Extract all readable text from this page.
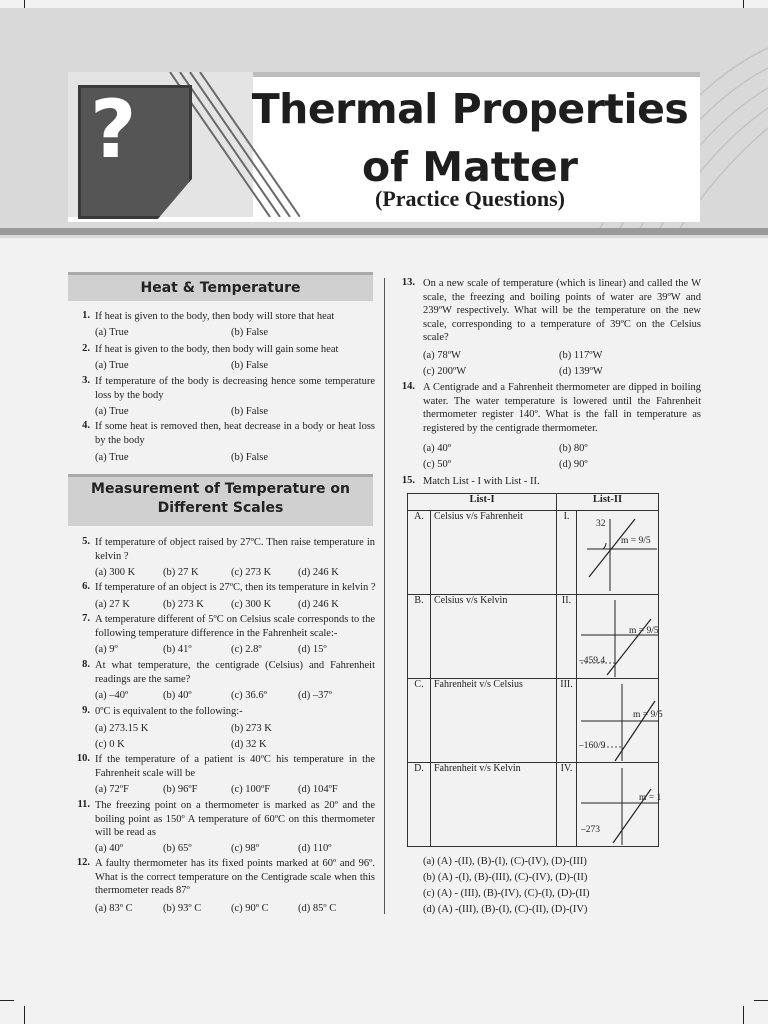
?	Thermal Properties
of Matter
(Practice Questions)
Heat & Temperature
Measurement of Temperature on
Different Scales
1. If heat is given to the body, then body will store that heat
(a) True	(b) False
2. If heat is given to the body, then body will gain some heat
(a) True	(b) False
3. If temperature of the body is decreasing hence some temperature loss by the body
(a) True	(b) False
4. If some heat is removed then, heat decrease in a body or heat loss by the body
(a) True	(b) False
5. If temperature of object raised by 27ºC. Then raise temperature in kelvin ?
(a) 300 K	(b) 27 K	(c) 273 K	(d) 246 K
6. If temperature of an object is 27ºC, then its temperature in kelvin ?
(a) 27 K	(b) 273 K	(c) 300 K	(d) 246 K
7. A temperature different of 5ºC on Celsius scale corresponds to the following temperature difference in the Fahrenheit scale:-
(a) 9º	(b) 41º	(c) 2.8º	(d) 15º
8. At what temperature, the centigrade (Celsius) and Fahrenheit readings are the same?
(a) –40º	(b) 40º	(c) 36.6º	(d) –37º
9. 0ºC is equivalent to the following:-
(a) 273.15 K	(b) 273 K
(c) 0 K	(d) 32 K
10. If the temperature of a patient is 40ºC his temperature in the Fahrenheit scale will be
(a) 72ºF	(b) 96ºF	(c) 100ºF	(d) 104ºF
11. The freezing point on a thermometer is marked as 20º and the boiling point as 150º A temperature of 60ºC on this thermometer will be read as
(a) 40º	(b) 65º	(c) 98º	(d) 110º
12. A faulty thermometer has its fixed points marked at 60º and 96º. What is the correct temperature on the Centigrade scale when this thermometer reads 87º
(a) 83º C	(b) 93º C	(c) 90º C	(d) 85º C
13. On a new scale of temperature (which is linear) and called the W scale, the freezing and boiling points of water are 39ºW and 239ºW respectively. What will be the temperature on the new scale, corresponding to a temperature of 39ºC on the Celsius scale?
(a) 78ºW	(b) 117ºW
(c) 200ºW	(d) 139ºW
14. A Centigrade and a Fahrenheit thermometer are dipped in boiling water. The water temperature is lowered until the Fahrenheit thermometer register 140º. What is the fall in temperature as registered by the centigrade thermometer.
(a) 40º	(b) 80º
(c) 50º	(d) 90º
15. Match List - I with List - II.
List-I		List-II	
A.	Celsius v/s Fahrenheit	I.	32
m = 9/5

B.	Celsius v/s Kelvin	II.	–459.4
m = 9/5

C.	Fahrenheit v/s Celsius	III.	–160/9
m = 9/5

D.	Fahrenheit v/s Kelvin	IV.	–273
m = 1
(a) (A) -(II), (B)-(I), (C)-(IV), (D)-(III)
(b) (A) -(I), (B)-(III), (C)-(IV), (D)-(II)
(c) (A) - (III), (B)-(IV), (C)-(I), (D)-(II)
(d) (A) -(III), (B)-(I), (C)-(II), (D)-(IV)
